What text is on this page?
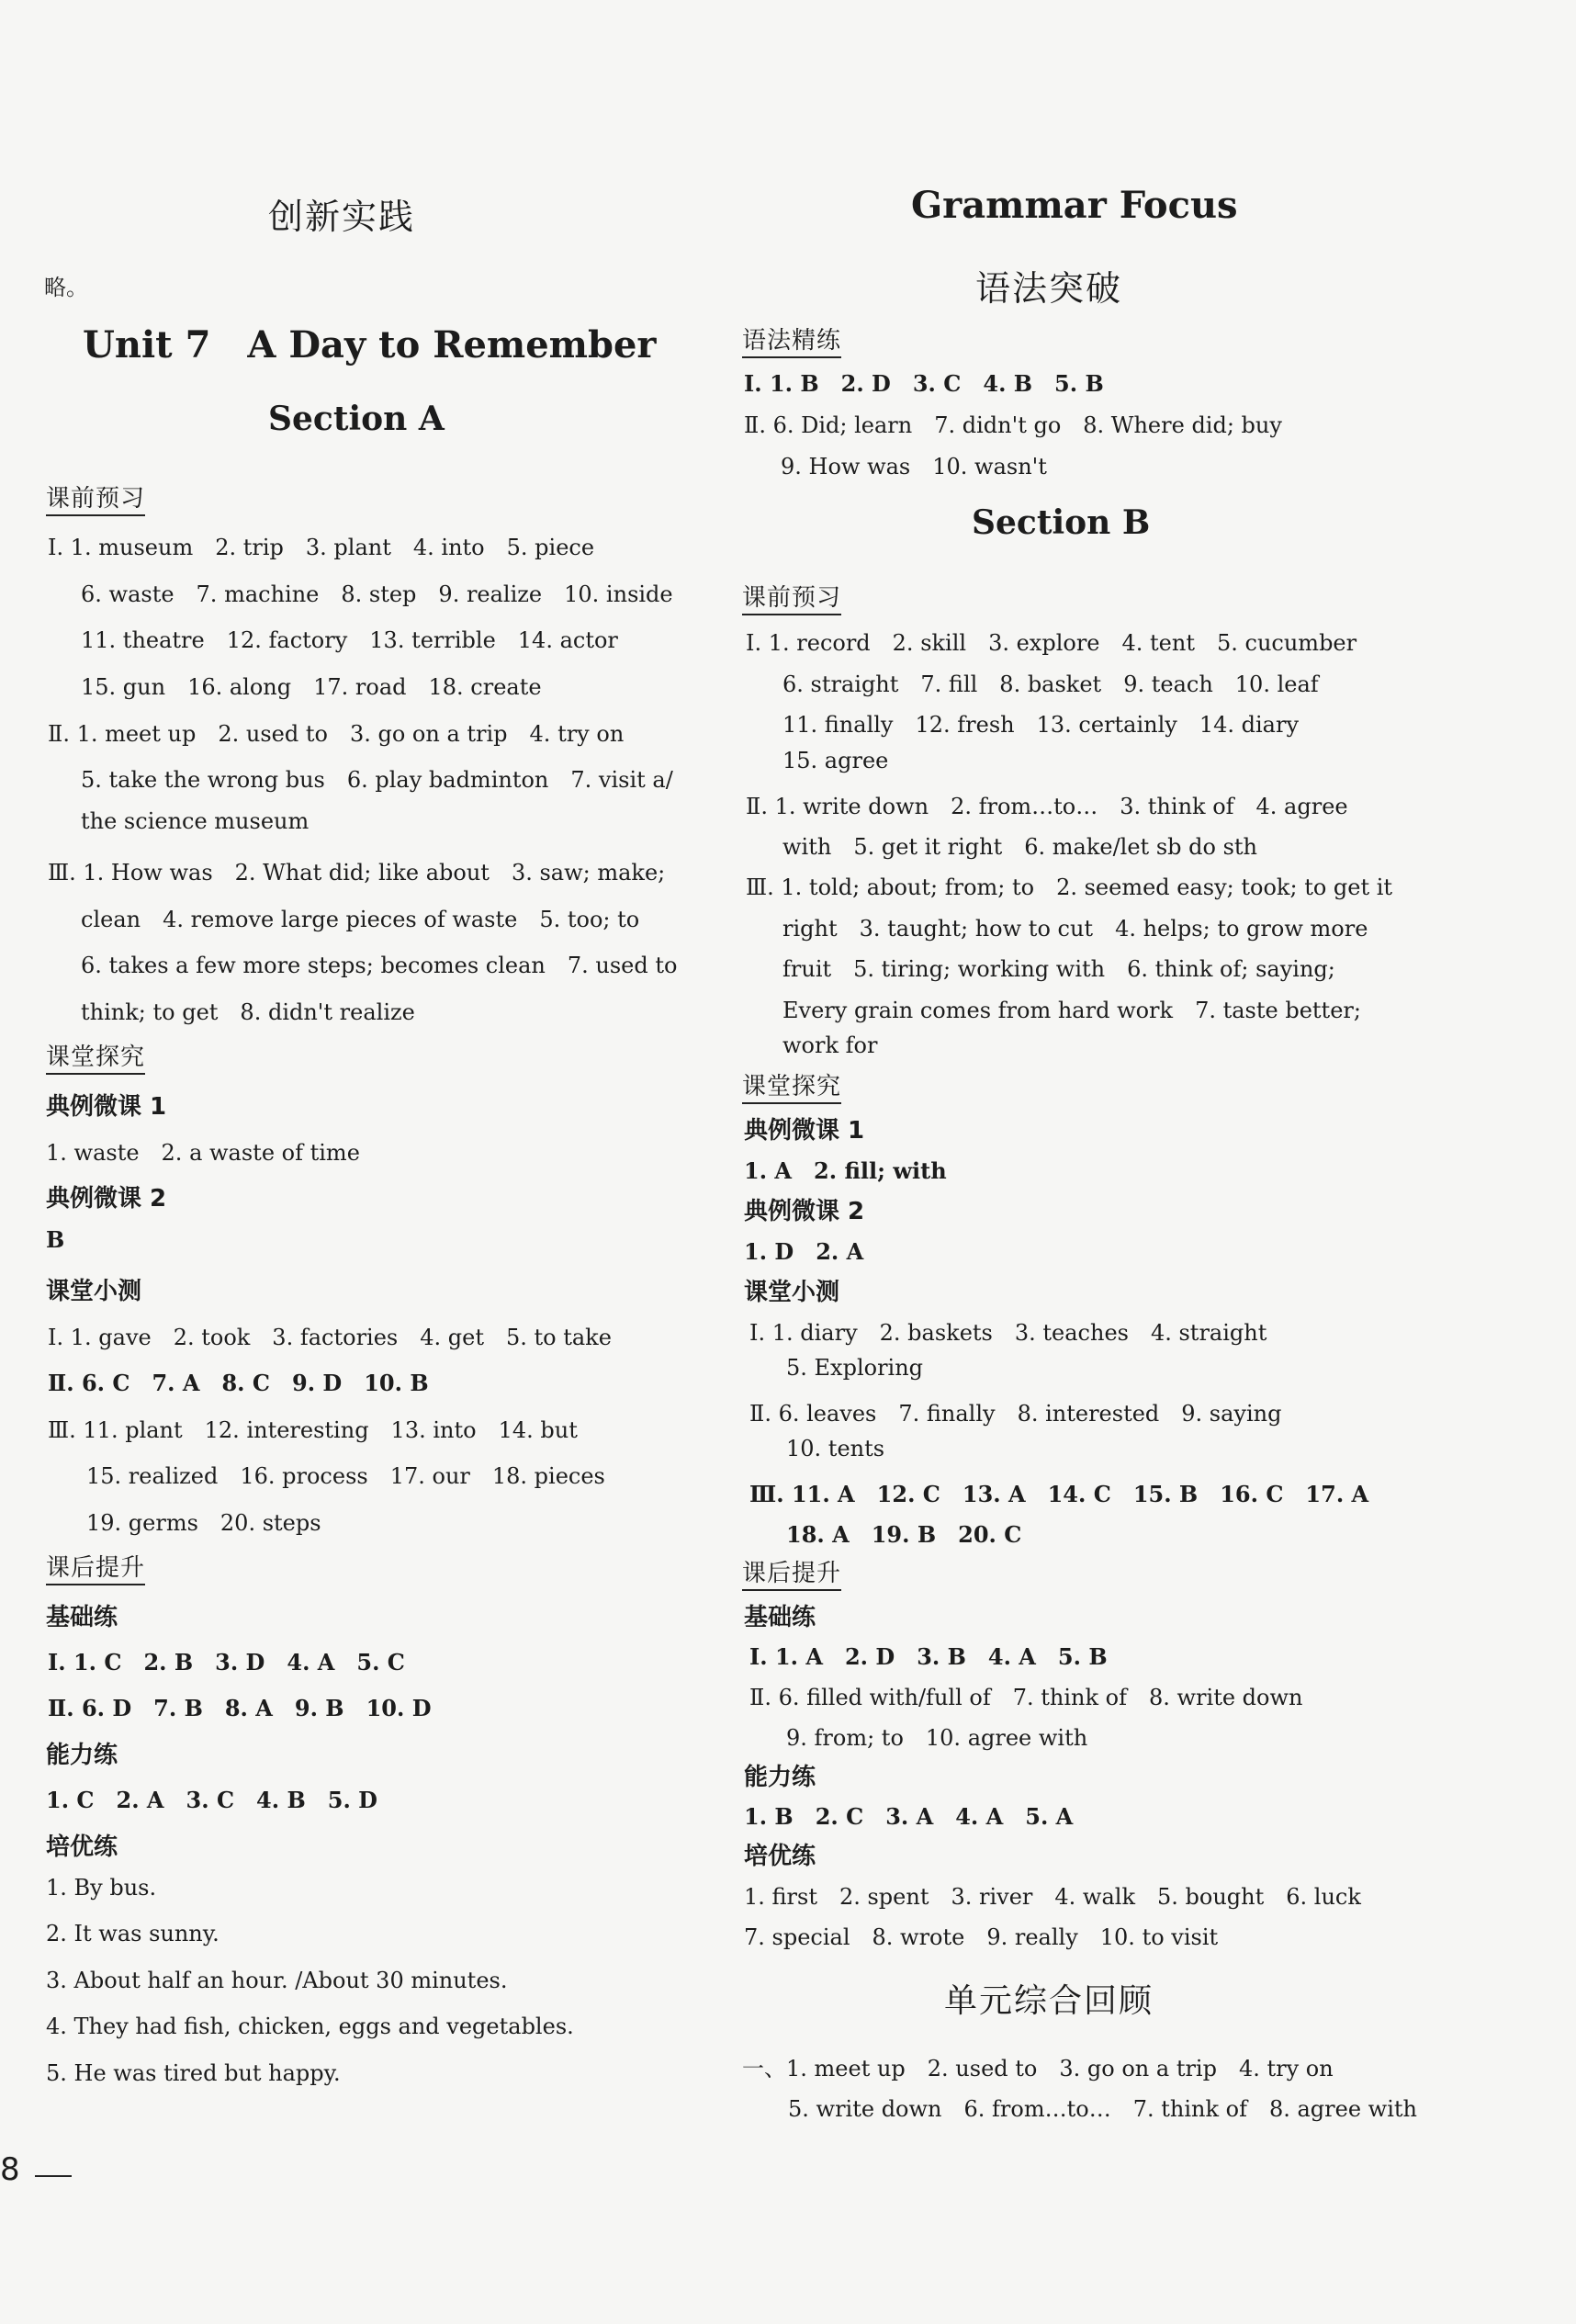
创新实践
略。
Unit 7　A Day to Remember
Section A
课前预习
Ⅰ. 1. museum　2. trip　3. plant　4. into　5. piece
6. waste　7. machine　8. step　9. realize　10. inside
11. theatre　12. factory　13. terrible　14. actor
15. gun　16. along　17. road　18. create
Ⅱ. 1. meet up　2. used to　3. go on a trip　4. try on
5. take the wrong bus　6. play badminton　7. visit a/
the science museum
Ⅲ. 1. How was　2. What did; like about　3. saw; make;
clean　4. remove large pieces of waste　5. too; to
6. takes a few more steps; becomes clean　7. used to
think; to get　8. didn't realize
课堂探究
典例微课 1
1. waste　2. a waste of time
典例微课 2
B
课堂小测
Ⅰ. 1. gave　2. took　3. factories　4. get　5. to take
Ⅱ. 6. C　7. A　8. C　9. D　10. B
Ⅲ. 11. plant　12. interesting　13. into　14. but
15. realized　16. process　17. our　18. pieces
19. germs　20. steps
课后提升
基础练
Ⅰ. 1. C　2. B　3. D　4. A　5. C
Ⅱ. 6. D　7. B　8. A　9. B　10. D
能力练
1. C　2. A　3. C　4. B　5. D
培优练
1. By bus.
2. It was sunny.
3. About half an hour. /About 30 minutes.
4. They had fish, chicken, eggs and vegetables.
5. He was tired but happy.
Grammar Focus
语法突破
语法精练
Ⅰ. 1. B　2. D　3. C　4. B　5. B
Ⅱ. 6. Did; learn　7. didn't go　8. Where did; buy
9. How was　10. wasn't
Section B
课前预习
Ⅰ. 1. record　2. skill　3. explore　4. tent　5. cucumber
6. straight　7. fill　8. basket　9. teach　10. leaf
11. finally　12. fresh　13. certainly　14. diary
15. agree
Ⅱ. 1. write down　2. from…to…　3. think of　4. agree
with　5. get it right　6. make/let sb do sth
Ⅲ. 1. told; about; from; to　2. seemed easy; took; to get it
right　3. taught; how to cut　4. helps; to grow more
fruit　5. tiring; working with　6. think of; saying;
Every grain comes from hard work　7. taste better;
work for
课堂探究
典例微课 1
1. A　2. fill; with
典例微课 2
1. D　2. A
课堂小测
Ⅰ. 1. diary　2. baskets　3. teaches　4. straight
5. Exploring
Ⅱ. 6. leaves　7. finally　8. interested　9. saying
10. tents
Ⅲ. 11. A　12. C　13. A　14. C　15. B　16. C　17. A
18. A　19. B　20. C
课后提升
基础练
Ⅰ. 1. A　2. D　3. B　4. A　5. B
Ⅱ. 6. filled with/full of　7. think of　8. write down
9. from; to　10. agree with
能力练
1. B　2. C　3. A　4. A　5. A
培优练
1. first　2. spent　3. river　4. walk　5. bought　6. luck
7. special　8. wrote　9. really　10. to visit
单元综合回顾
一、1. meet up　2. used to　3. go on a trip　4. try on
5. write down　6. from…to…　7. think of　8. agree with
8
